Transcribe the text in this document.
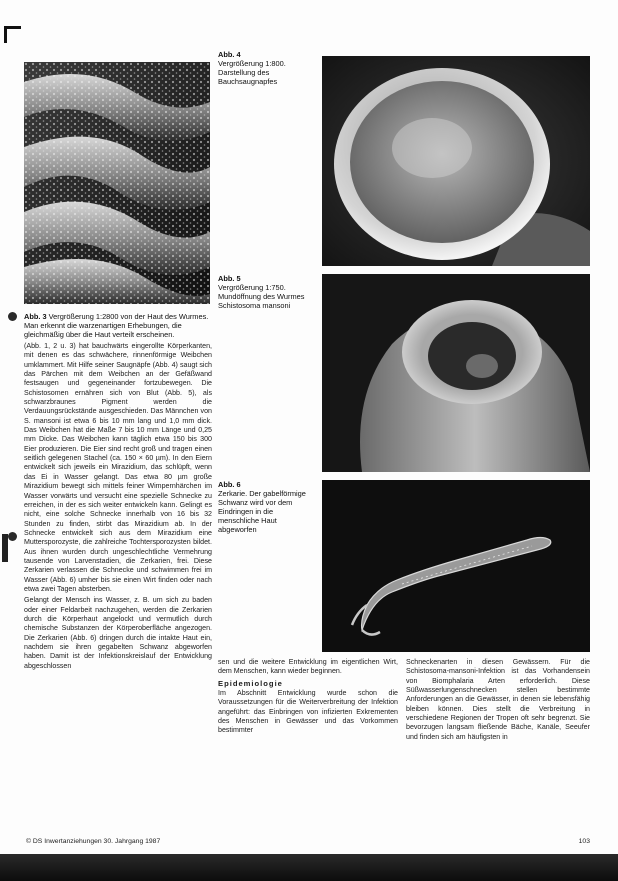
Abb. 3 Vergrößerung 1:2800 von der Haut des Wurmes. Man erkennt die warzenartigen Erhebungen, die gleichmäßig über die Haut verteilt erscheinen.
Abb. 4
Vergrößerung 1:800. Darstellung des Bauchsaugnapfes
Abb. 5
Vergrößerung 1:750. Mundöffnung des Wurmes Schistosoma mansoni
Abb. 6
Zerkarie. Der gabelförmige Schwanz wird vor dem Eindringen in die menschliche Haut abgeworfen

(Abb. 1, 2 u. 3) hat bauchwärts eingerollte Körperkanten, mit denen es das schwächere, rinnenförmige Weibchen umklammert. Mit Hilfe seiner Saugnäpfe (Abb. 4) saugt sich das Pärchen mit dem Weibchen an der Gefäßwand festsaugen und gegeneinander fortzubewegen. Die Schistosomen ernähren sich von Blut (Abb. 5), als schwarzbraunes Pigment werden die Verdauungsrückstände ausgeschieden. Das Männchen von S. mansoni ist etwa 6 bis 10 mm lang und 1,0 mm dick. Das Weibchen hat die Maße 7 bis 10 mm Länge und 0,25 mm Dicke. Das Weibchen kann täglich etwa 150 bis 300 Eier produzieren. Die Eier sind recht groß und tragen einen seitlich gelegenen Stachel (ca. 150 × 60 µm). In den Eiern entwickelt sich jeweils ein Mirazidium, das schlüpft, wenn das Ei in Wasser gelangt. Das etwa 80 µm große Mirazidium bewegt sich mittels feiner Wimpernhärchen im Wasser vorwärts und versucht eine spezielle Schnecke zu erreichen, in der es sich weiter entwickeln kann. Gelingt es nicht, eine solche Schnecke innerhalb von 16 bis 32 Stunden zu finden, stirbt das Mirazidium ab. In der Schnecke entwickelt sich aus dem Mirazidium eine Muttersporozyste, die zahlreiche Tochtersporozysten bildet. Aus ihnen wurden durch ungeschlechtliche Vermehrung tausende von Larvenstadien, die Zerkarien, frei. Diese Zerkarien verlassen die Schnecke und schwimmen frei im Wasser (Abb. 6) umher bis sie einen Wirt finden oder nach etwa zwei Tagen absterben.

Gelangt der Mensch ins Wasser, z. B. um sich zu baden oder einer Feldarbeit nachzugehen, werden die Zerkarien durch die Körperhaut angelockt und vermutlich durch chemische Substanzen der Körperoberfläche angezogen. Die Zerkarien (Abb. 6) dringen durch die intakte Haut ein, nachdem sie ihren gegabelten Schwanz abgeworfen haben. Damit ist der Infektionskreislauf der Entwicklung abgeschlossen	sen und die weitere Entwicklung im eigentlichen Wirt, dem Menschen, kann wieder beginnen.

Epidemiologie

Im Abschnitt Entwicklung wurde schon die Voraussetzungen für die Weiterverbreitung der Infektion angeführt: das Einbringen von infizierten Exkrementen des Menschen in Gewässer und das Vorkommen bestimmter

Schneckenarten in diesen Gewässern. Für die Schistosoma-mansoni-Infektion ist das Vorhandensein von Biomphalaria Arten erforderlich. Diese Süßwasserlungenschnecken stellen bestimmte Anforderungen an die Gewässer, in denen sie lebensfähig bleiben können. Dies stellt die Verbreitung in verschiedene Regionen der Tropen oft sehr begrenzt. Sie bevorzugen langsam fließende Bäche, Kanäle, Seeufer und finden sich am häufigsten in

© DS Inwertanziehungen 30. Jahrgang 1987	103
